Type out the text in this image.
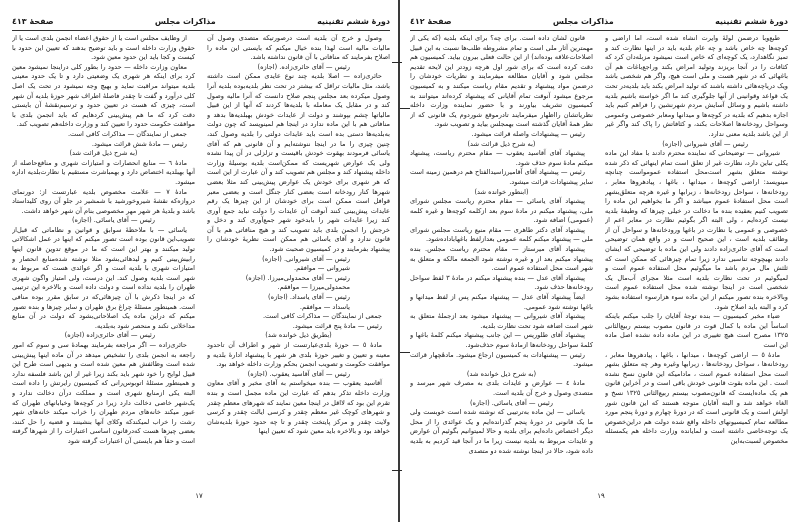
دورهٔ ششم تقنینیه
مذاکرات مجلس
صفحهٔ ٤١٣

وصول و خرج آن بلدیه است درصورتیکه متصدی وصول آن مالیات مالیه است لهذا بنده خیال میکنم که بایستی این ماده را اصلاح بفرمایند که منافاتی با آن قانون نداشته باشد.

رئیس — آقای حائری‌زاده. (اجازه)

حائری‌زاده — اصلا بلدیه چند نوع عایدی ممکن است داشته باشد، مثل مالیات تراقل که بیشتر در تحت نظر بلدیه‌بوده بلدیه آنرا وصول میکرده بعد مجلس پنجم صلاح دانست که آنرا مالیه وصول کند و در مقابل یک معامله با بلدیه‌ها کردند که آنها از این قبیل مالیاتها چشم بپوشند و دولت از عایدات خودش بهبلدیه‌ها بدهد و منافاتی هم با این ماده ندارد در اینجا هم لمینویسد که چون دولت به‌بلدیه‌ها دستی بده است باید عایدات دولتی را بلدیه وصول کند، چنین چیزی را ما در اینجا ننوشته‌ایم و آن قانونی هم که آقای یاسائی فرمودند بهقوت خودش باقیست و تزلزلی در آن پیدا نشده ولی یک عوارض شهریست که ممکن‌است بلدیه بوسیلهٔ وزارت داخله پیشنهاد کند و مجلس هم تصویب کند و آن عبارت از این است که هر شهری برای خودش یک عوارض پیش‌بینی کند مثلا بعضی شهرها کنار رودخانه است بعضی کنار جنگل است و بعضی معبر قوافل است ممکن است برای خودشان از این چیزها یک رقم عایدات پیش‌بینی کنند آنوقت آن عایدات را دولت نباید جمع آوری کند زیرا عایدات شهر را بابدخود شهر جمع‌آوری کند و دخل و خرجش را انجمن بلدی باید تصویب کند و هیچ منافاتی هم با آن قانون ندارد و آقای یاسائی هم ممکن است نظریهٔ خودشان را پیشنهاد بفرمایند و در کمیسیون صحبت شود.

رئیس — آقای شیروانی. (اجازه)

شیروانی — موافقم.

رئیس — آقای محمدولی‌میرزا. (اجازه)

محمدولی‌میرزا — موافقم.

رئیس — آقای یاسداد. (اجازه)

یاسداد — موافقم.

جمعی از نمایندگان — مذاکرات کافی است.

رئیس — مادهٔ پنج قرائت میشود.

(بطریق ذیل خوانده شد)

مادهٔ ٥ — حوزهٔ بلدی‌عبارتست از شهر و اطراف آن تاحدود معینه و تعیین و تغییر حوزهٔ بلدی هر شهر با پیشنهاد ادارهٔ بلدیه و موافقت حکومت و تصویب انجمن بحکم وزارت داخله خواهد بود.

رئیس — آقای آقاسید یعقوب. (اجازه)

آقاسید یعقوب — بنده میخواستم به آقای مخبر و آقای معاون وزارت داخله تذکر بدهم که عبارت این ماده مجمل است و بنده تقرم این بود که لااقل در اینجا معین نمایند که شهرهای معظم چقدر و شهرهای کوچک غیر معظم چقدر و کرسی ایالت چقدر و کرسی ولایت چقدر و مرکز پایتخت چقدر و تا چه حدود حوزهٔ بلدیه‌شان خواهد بود و بالاخره باید معین شود که تعیین اینها

از وظایف مجلس است یا از حقوق اعضاء انجمن بلدی است یا از حقوق وزارت داخله است و باید توضیح بدهند که تعیین این حدود با کیست و کجا باید این حدود معین شود.

معاون وزارت داخله — حدود را بطور کلی دراینجا نمیشود معین کرد برای اینکه هر شهری یک وضعیتی دارد و تا یک حدود معینی بلدیه میتواند مراقبت نماید و بهیچ وجه نمیشود در تحت یک اصل کلی درآورد و گفت تا چقدر فاصلهٔ اطراف شهر حوزهٔ بلدیه آن شهر است، چیزی که هست در تعیین حدود و ترسیم‌نقشهٔ آن بایستی دقت کرد که ما هم پیش‌بینی کردهایم که باید انجمن بلدی با موافقت حکومت حدود را تعیین کند و وزارت داخله‌هم تصویب کند.

جمعی از نمایندگان — مذاکرات کافی است.

رئیس — مادهٔ شش قرائت میشود.

(به شرح ذیل قرائت شد)

مادهٔ ٦ — منابع انحصارات و امتیازات شهری و منافع‌حاصله از آنها بهبلدیه اختصاص دارد و بهمباشرت مستقیم یا نظارت‌بلدیه اداره میشود.

مادهٔ ٧ — علامت مخصوص بلدیه عبارتست از: دورنمای دروازه‌که نقشهٔ شیروخورشید با شمشیر در جلو آن روی کلیداستاد باشد و بلدیهٔ هر شهر مهر مخصوصی بنام آن شهر خواهد داشت.

رئیس — آقای یاسائی. (اجازه)

یاسائی — با ملاحظهٔ سوابق و قوانین و نظاماتی که قبل‌از تصویب‌این قانون بوده است تصور میکنم که اینها در عمل اشکالاتی تولید میکنند و بهتر این است که ما در موقع تدوین قانون اینها رابیش‌بینی کنیم و لیدهائی‌بشود مثلا نوشته شده‌منابع انحصار و امتیازات شهری با بلدیه است و اگر عوائدی هست که مربوط به شهر است بلدیه وصول کند. این درست، ولی امتیاز واگون شهری طهران را بلدیه نداده است و دولت داده است و بالاخره این ترتیبی که در اینجا ذکرش با آن چیزهائی‌که در سابق مقرر بوده منافی است. همینطور مسئلهٔ چراغ برق طهران و سایر چیزها و بنده تصور میکنم که دراین ماده یک اصلاحاتی‌بشود که دولت در آن منابع مداخلاتی نکند و منحصر شود به‌بلدیه.

رئیس — آقای حائری‌زاده (اجازه)

حائری‌زاده — اگر مراجعه بفرمایند بهمادهٔ سی و سوم که امور راجعه به انجمن بلدی را تشخیص میدهد در آن ماده اینها پیش‌بینی شده است وظائفش هم معین شده است و بدیهی است طرح این قبیل لوایح را خود شهر باید بکند زیرا غیر از این باشد فلسفه ندارد و همینطور مسئلهٔ اتوبوس‌رانی که کمیسیون رایرتش را داده است البته یکی ازمنابع شهری است و مملکت درآن دخالت ندارد و یک‌شهر خاصی دخالت دارد زیرا در کوچه‌ها وخیابانهای طهران که عبور میکند خانه‌های مردم طهران را خراب میکند خانه‌های شهر رشت را خراب لمیکند‌که وکلای آنها بنشینند و قضیه را حل کنند، بعضی چیزها هست که‌درقانون اساسی اعتبارات را از شهرها گرفته است و حقاً هم بایستی آن اعتبارات گرفته شود

۱۷
دورهٔ ششم تقنینیه
مذاکرات مجلس
صفحهٔ ٤١٢

طبع‌وبا درضمن لولهٔ وایرت انشاء شده است، اما اراضی و کوچه‌ها چه خاص باشد و چه عام بلدیه باید در اینها نظارت کند و تمیز نگاهدارد، یک کوچه‌ای که خاص است نمیشود مزبله‌دان کرد که کثافات را در آنجا بریزند وتولید امراض بکند وراجع‌باغات هم آن باغهائی که در شهر هست و ملی است هیچ، واگر هم شخصی باشد ویک دریاچه‌هائی داشته باشند که تولید امراض بکند باید بلدیه‌در تحت یک قواعد وقوانینی از آنها جلوگیری کند ما اگر خواسته باشیم بلدیه داشته باشیم و وسائل آسایش مردم شهرنشین را فراهم کنیم باید اجازه بدهیم که بلدیه در کوچه‌ها و میدانها ومعابر خصوصی وعمومی وسواحل رودخانه‌ها اصلاحات بکند، و کثافاتش را پاک کند واگر غیر از این باشد بلدیه معنی ندارد.

رئیس — آقای شیروانی (اجازه)

شیروانی — توضیحاتی که نماینده محترم دادند با مفاد این ماده یکلی تباین دارد، نظارت غیر از تعلق است تمام اینهائی که ذکر شده نوشته متعلق بشهر است‌محل استفاده عمومواست چنانچه مینویسد: اراضی کوچه‌ها ، میدانها ، باغها ، پیادهروها معابر ، رودخانه‌ها ، سواحل رودخانه‌ها ، زبرابها و غیره هرچه متعلق‌بشهر است محل استفادهٔ عموم میباشد و اگر ما بخواهیم این ماده را تصویب کنیم بعقیده بنده ما دخالت در خیلی چیزها که وظیفهٔ بلدیه نیست کرده‌ایم ، ولی البته اگر بگوئیم نظارت در معابر اعم از خصوصی و عمومی یا نظارت در باغها ورودخانه‌ها و سواحل آن از وظائف بلدیه است ، این صحیح است و در واقع همان توضیحی است که آقای حائری‌زاده دادند ولی این ماده با توضیحی که ایشان دادند بهیچوجه تناسبی ندارد زیرا تمام چیزهائی که ممکن است که ثلثش مال مردم باشد ما میگوئیم محل استفاده عموم است و لمیگوئیم در تحت نظارت بلدیه است مثلا مجرای آب‌مال یک شخصی است در اینجا نوشته شده محل استفاده عموم است وبالاخره بنده تصور میکنم از این ماده سوء هزارسوء استفاده بشود کرد و البته باید اصلاح شود.

ضیاء مخبر کمیسیون — بنده توجهٔ آقایان را جلب میکنم باینکه اساساً این ماده با کمال قوت در قانون مصوب بیستم ربیع‌الثانی ۱۳۲۵ مصرح است هیچ تغییری در این ماده داده نشده اصل ماده این است

مادهٔ ٥ — اراضی کوچه‌ها ، میدانها ، باغها ، پیادهروها معابر ، رودخانه‌ها ، سواحل رودخانه‌ها ، زبرابها وغیره وهر چه متعلق بشهر است محل استفاده عموم است ، مادامیکه این قانون نسخ نشده است . این ماده بقوت قانونی خودش باقی است و در آخراین قانون هم یک ماده‌ایست که قانون‌مصوب بیستم ربیع‌الثانی ۱۳۲٥ نسخ و الغاء خواهد شد و البته آقایان متوجه هستند که این قانون شور اولش است و یک قانونی است که در دورهٔ چهارم و دورهٔ پنجم مورد مطالعه تمام کمیسیونهای داخله واقع شده دولت هم دراین‌خصوص یک توجه‌خاصی داشته است و لمایانده وزارت داخله هم یکمسئله مخصوص لسبت‌به‌این

قانون لشان داده است. برای چه؟ برای اینکه بلدیه (که یکی از مهمترین آثار ملی است و تمام مشروطه طلب‌ها نسبت به این قبیل اصلاحات‌علاقه بوده‌اند) از این حالت فعلی بیرون بیاید. کمیسیون هم دقت کرده است که برای شور اول هرچه زودتر این لایحه تقدیم مجلس شود و آقایان مطالعه میفرمایند و نظریات خودشان را درضمن مواد پیشنهاد و تقدیم مقام ریاست میکنند و به کمیسیون مرجوع میشود آنوقت تمام آقایانی که پیشنهاد کرده‌اند میتوانند به کمیسیون تشریف بیاورند و با حضور نماینده وزارت داخله نظریاتشان رااظهار میفرمایند تادرموقع شوردوم یک قانونی که از نظر همهٔ آقایان گذشته است بهمجلس بیاید و تصویب شود.

رئیس — پیشنهادات واصله قرائت میشود.

(به شرح ذیل قرائت شد)

پیشنهاد آقای آقاسید یعقوب — مقام محترم ریاست، پیشنهاد میکنم مادهٔ سوم حذف شود.

رئیس — پیشنهاد آقای آقامیرزاسیدالفتاح هم درهمین زمینه است سایر پیشنهادات قرائت میشود.

(ابنطور خوانده شد)

پیشنهاد آقای یاسائی — مقام محترم ریاست مجلس شورای ملی، پیشنهاد میکنم در مادهٔ سوم بعد ازکلمه کوچه‌ها و غیره کلمه (عمومی) اضافه شود.

پیشنهاد آقای دکتر طاهری — مقام منیع ریاست مجلس شورای ملی — پیشنهاد میکنم کلمه عمومی بعدازلفظ باغهاباداده‌شود.

پیشنهاد آقای میرستاز — مقام محترم ریاست مجلس. بنده پیشنهاد میکنم بعد از و غیره نوشته شود الجمعه مالکه و متعلق به شهر است محل استفاده عموم است.

پیشنهاد آقای عدل — بنده پیشنهاد میکنم در مادهٔ ۳ لفظ سواحل رودخانه‌ها حذف شود.

ایضاً پیشنهاد آقای عدل — پیشنهاد میکنم پس از لفظ میدانها و باغها نوشته شود عمومی.

پیشنهاد آقای شیروانی — پیشنهاد میشود بعد ازجملهٔ متعلق به شهر است اضافه شود تحت نظارت بلدیه.

پیشنهاد آقای طلوریس — این جانب پیشنهاد میکنم کلمهٔ باغها و کلمهٔ سواحل رودخانه‌ها ازمادهٔ سوم حذف‌شود.

رئیس — پیشنهادات به کمیسیون ارجاع میشود. مادهٔچهار قرائت میشود.

(به شرح ذیل خوانده شد)

مادهٔ ٤ — عوارض و عایدات بلدی به مصرف شهر میرسد و متصدی وصول و خرج آن بلدیه است.

رئیس — آقای یاسائی. (اجازه)

یاسائی — این ماده به‌ترتیبی که نوشته شده است خوبست ولی ما یک قانونی در دورهٔ پنجم گذرانده‌ایم و یک عوائدی را از محل دیگر اختصاص داده‌ایم برای بلدیه و حالا لمیتوانیم بگوئیم آن عوارض و عایدات مربوط به بلدیه نیست زیرا ما در آنجا قید کردیم به بلدیه داده شود، حالا در اینجا نوشته شده دو متصدی

۱۹
